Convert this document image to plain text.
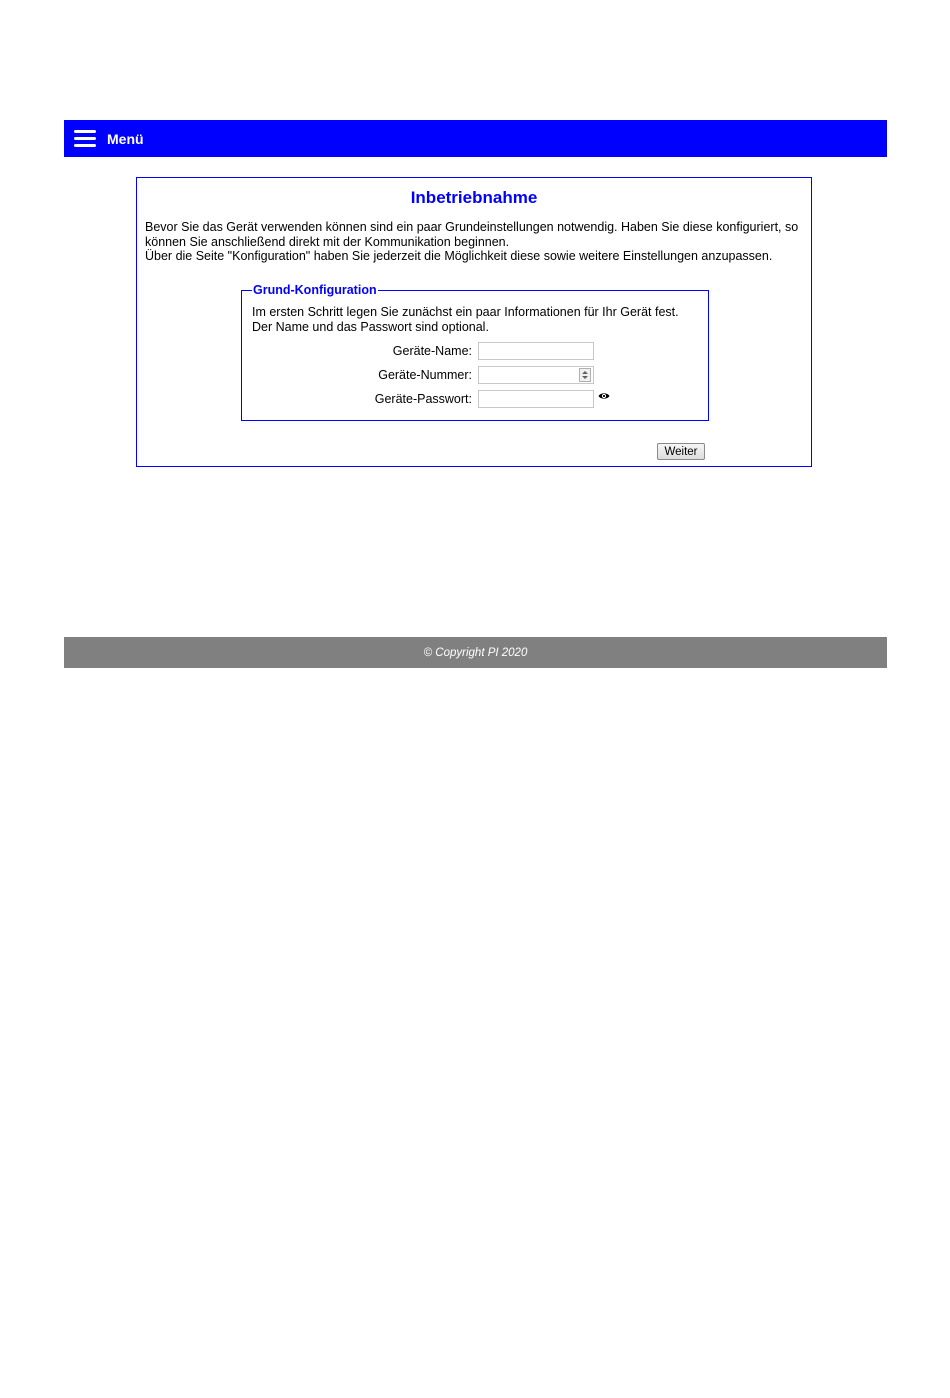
Menü
Inbetriebnahme

Bevor Sie das Gerät verwenden können sind ein paar Grundeinstellungen notwendig. Haben Sie diese konfiguriert, so können Sie anschließend direkt mit der Kommunikation beginnen.

Über die Seite "Konfiguration" haben Sie jederzeit die Möglichkeit diese sowie weitere Einstellungen anzupassen.

Grund-Konfiguration

Im ersten Schritt legen Sie zunächst ein paar Informationen für Ihr Gerät fest.

Der Name und das Passwort sind optional.

Geräte-Name:
Geräte-Nummer:
Geräte-Passwort:
Weiter
© Copyright PI 2020
